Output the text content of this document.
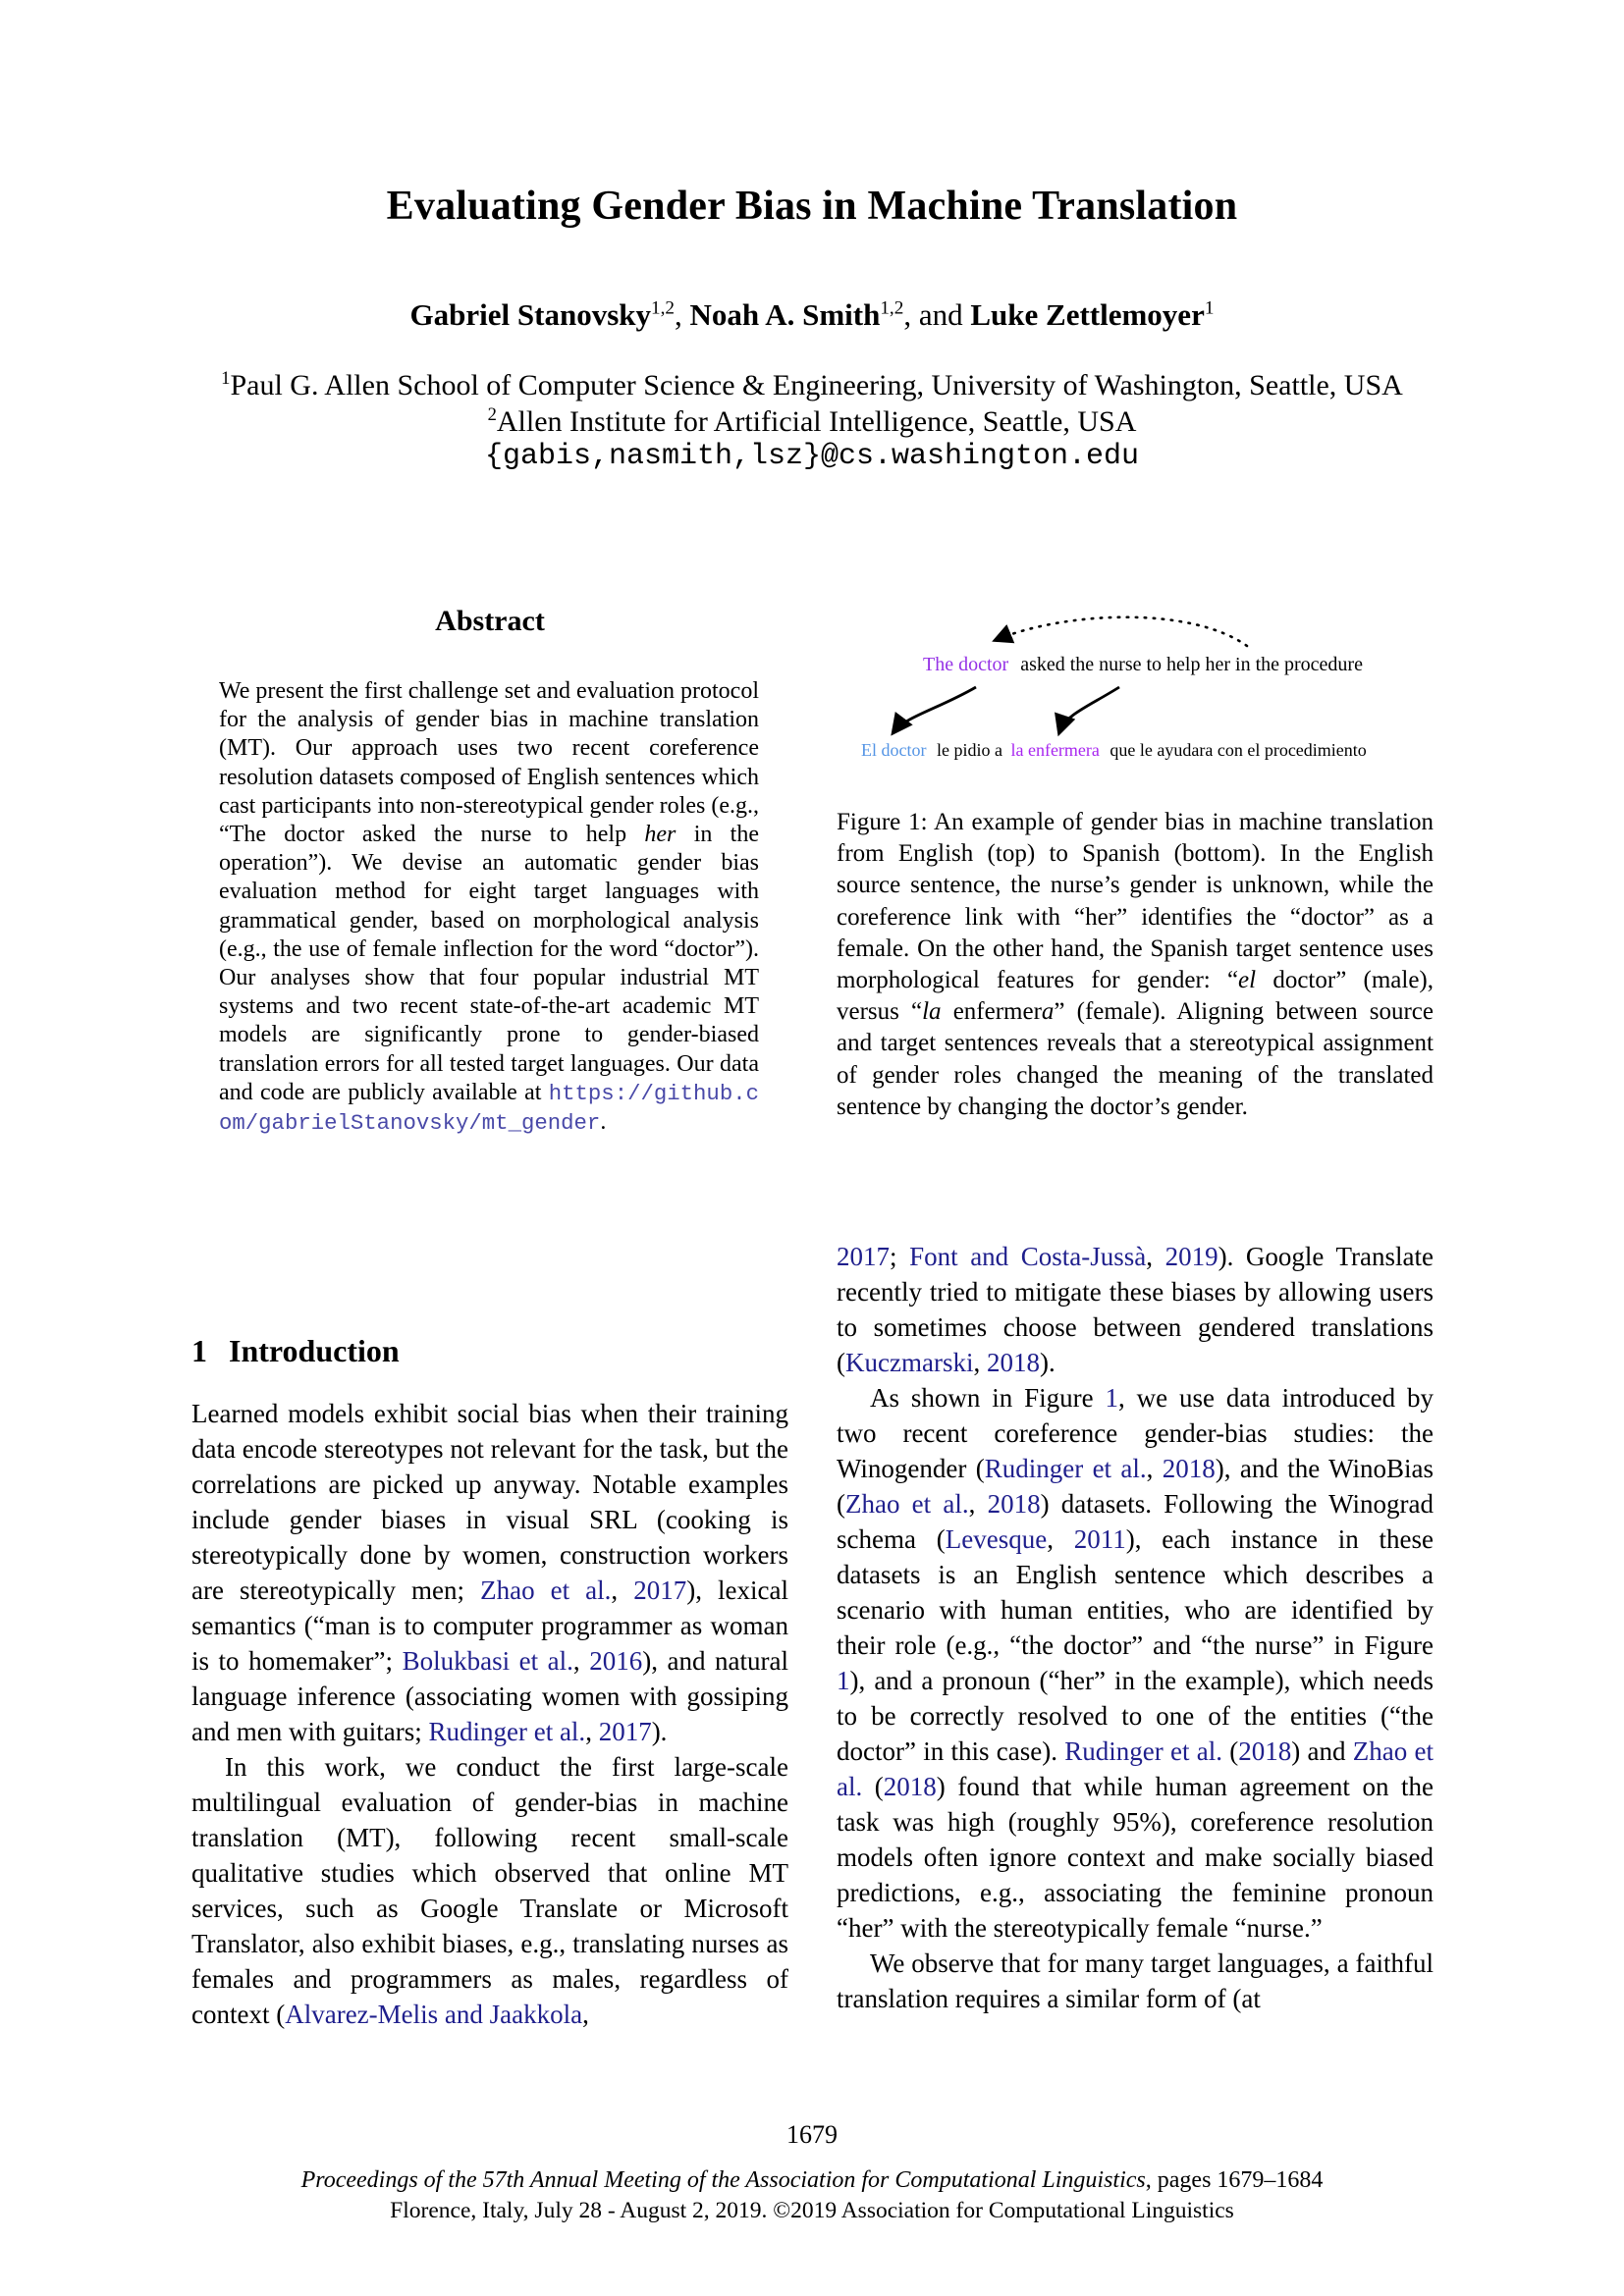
Evaluating Gender Bias in Machine Translation
Gabriel Stanovsky$^{1,2}$, Noah A. Smith$^{1,2}$, and Luke Zettlemoyer$^1$
$^1$Paul G. Allen School of Computer Science & Engineering, University of Washington, Seattle, USA
$^2$Allen Institute for Artificial Intelligence, Seattle, USA
{gabis,nasmith,lsz}@cs.washington.edu
Abstract
We present the first challenge set and evaluation protocol for the analysis of gender bias in machine translation (MT). Our approach uses two recent coreference resolution datasets composed of English sentences which cast participants into non-stereotypical gender roles (e.g., “The doctor asked the nurse to help her in the operation”). We devise an automatic gender bias evaluation method for eight target languages with grammatical gender, based on morphological analysis (e.g., the use of female inflection for the word “doctor”). Our analyses show that four popular industrial MT systems and two recent state-of-the-art academic MT models are significantly prone to gender-biased translation errors for all tested target languages. Our data and code are publicly available at https://github.com/gabrielStanovsky/mt_gender.
1 Introduction

Learned models exhibit social bias when their training data encode stereotypes not relevant for the task, but the correlations are picked up anyway. Notable examples include gender biases in visual SRL (cooking is stereotypically done by women, construction workers are stereotypically men; Zhao et al., 2017), lexical semantics (“man is to computer programmer as woman is to homemaker”; Bolukbasi et al., 2016), and natural language inference (associating women with gossiping and men with guitars; Rudinger et al., 2017).

In this work, we conduct the first large-scale multilingual evaluation of gender-bias in machine translation (MT), following recent small-scale qualitative studies which observed that online MT services, such as Google Translate or Microsoft Translator, also exhibit biases, e.g., translating nurses as females and programmers as males, regardless of context (Alvarez-Melis and Jaakkola,

The doctor asked the nurse to help her in the procedure
El doctor le pidio a la enfermera que le ayudara con el procedimiento
Figure 1: An example of gender bias in machine translation from English (top) to Spanish (bottom). In the English source sentence, the nurse’s gender is unknown, while the coreference link with “her” identifies the “doctor” as a female. On the other hand, the Spanish target sentence uses morphological features for gender: “el doctor” (male), versus “la enfermera” (female). Aligning between source and target sentences reveals that a stereotypical assignment of gender roles changed the meaning of the translated sentence by changing the doctor’s gender.

2017; Font and Costa-Jussà, 2019). Google Translate recently tried to mitigate these biases by allowing users to sometimes choose between gendered translations (Kuczmarski, 2018).

As shown in Figure 1, we use data introduced by two recent coreference gender-bias studies: the Winogender (Rudinger et al., 2018), and the WinoBias (Zhao et al., 2018) datasets. Following the Winograd schema (Levesque, 2011), each instance in these datasets is an English sentence which describes a scenario with human entities, who are identified by their role (e.g., “the doctor” and “the nurse” in Figure 1), and a pronoun (“her” in the example), which needs to be correctly resolved to one of the entities (“the doctor” in this case). Rudinger et al. (2018) and Zhao et al. (2018) found that while human agreement on the task was high (roughly 95%), coreference resolution models often ignore context and make socially biased predictions, e.g., associating the feminine pronoun “her” with the stereotypically female “nurse.”

We observe that for many target languages, a faithful translation requires a similar form of (at

1679
Proceedings of the 57th Annual Meeting of the Association for Computational Linguistics, pages 1679–1684
Florence, Italy, July 28 - August 2, 2019. ©2019 Association for Computational Linguistics
